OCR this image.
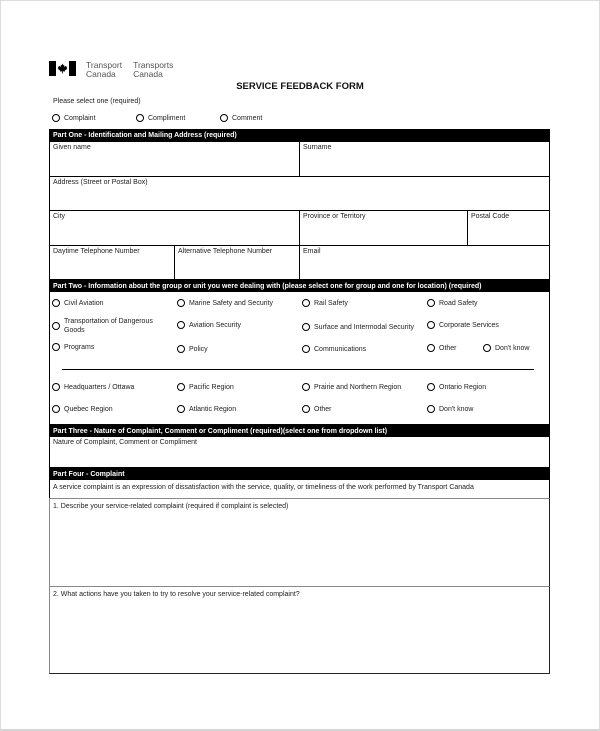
Transport
Canada
Transports
Canada
SERVICE FEEDBACK FORM
Please select one (required)
Complaint	Compliment	Comment
Part One - Identification and Mailing Address (required)
Given name	Surname
Address (Street or Postal Box)
City	Province or Territory	Postal Code
Daytime Telephone Number	Alternative Telephone Number	Email
Part Two - Information about the group or unit you were dealing with (please select one for group and one for location) (required)
Civil Aviation	Marine Safety and Security	Rail Safety	Road Safety
Transportation of Dangerous
Goods
Aviation Security	Surface and Intermodal Security	Corporate Services
Programs	Policy	Communications	Other	Don't know
Headquarters / Ottawa	Pacific Region	Prairie and Northern Region	Ontario Region
Quebec Region	Atlantic Region	Other	Don't know
Part Three - Nature of Complaint, Comment or Compliment (required)(select one from dropdown list)
Nature of Complaint, Comment or Compliment
Part Four - Complaint
A service complaint is an expression of dissatisfaction with the service, quality, or timeliness of the work performed by Transport Canada
1. Describe your service-related complaint (required if complaint is selected)
2. What actions have you taken to try to resolve your service-related complaint?
